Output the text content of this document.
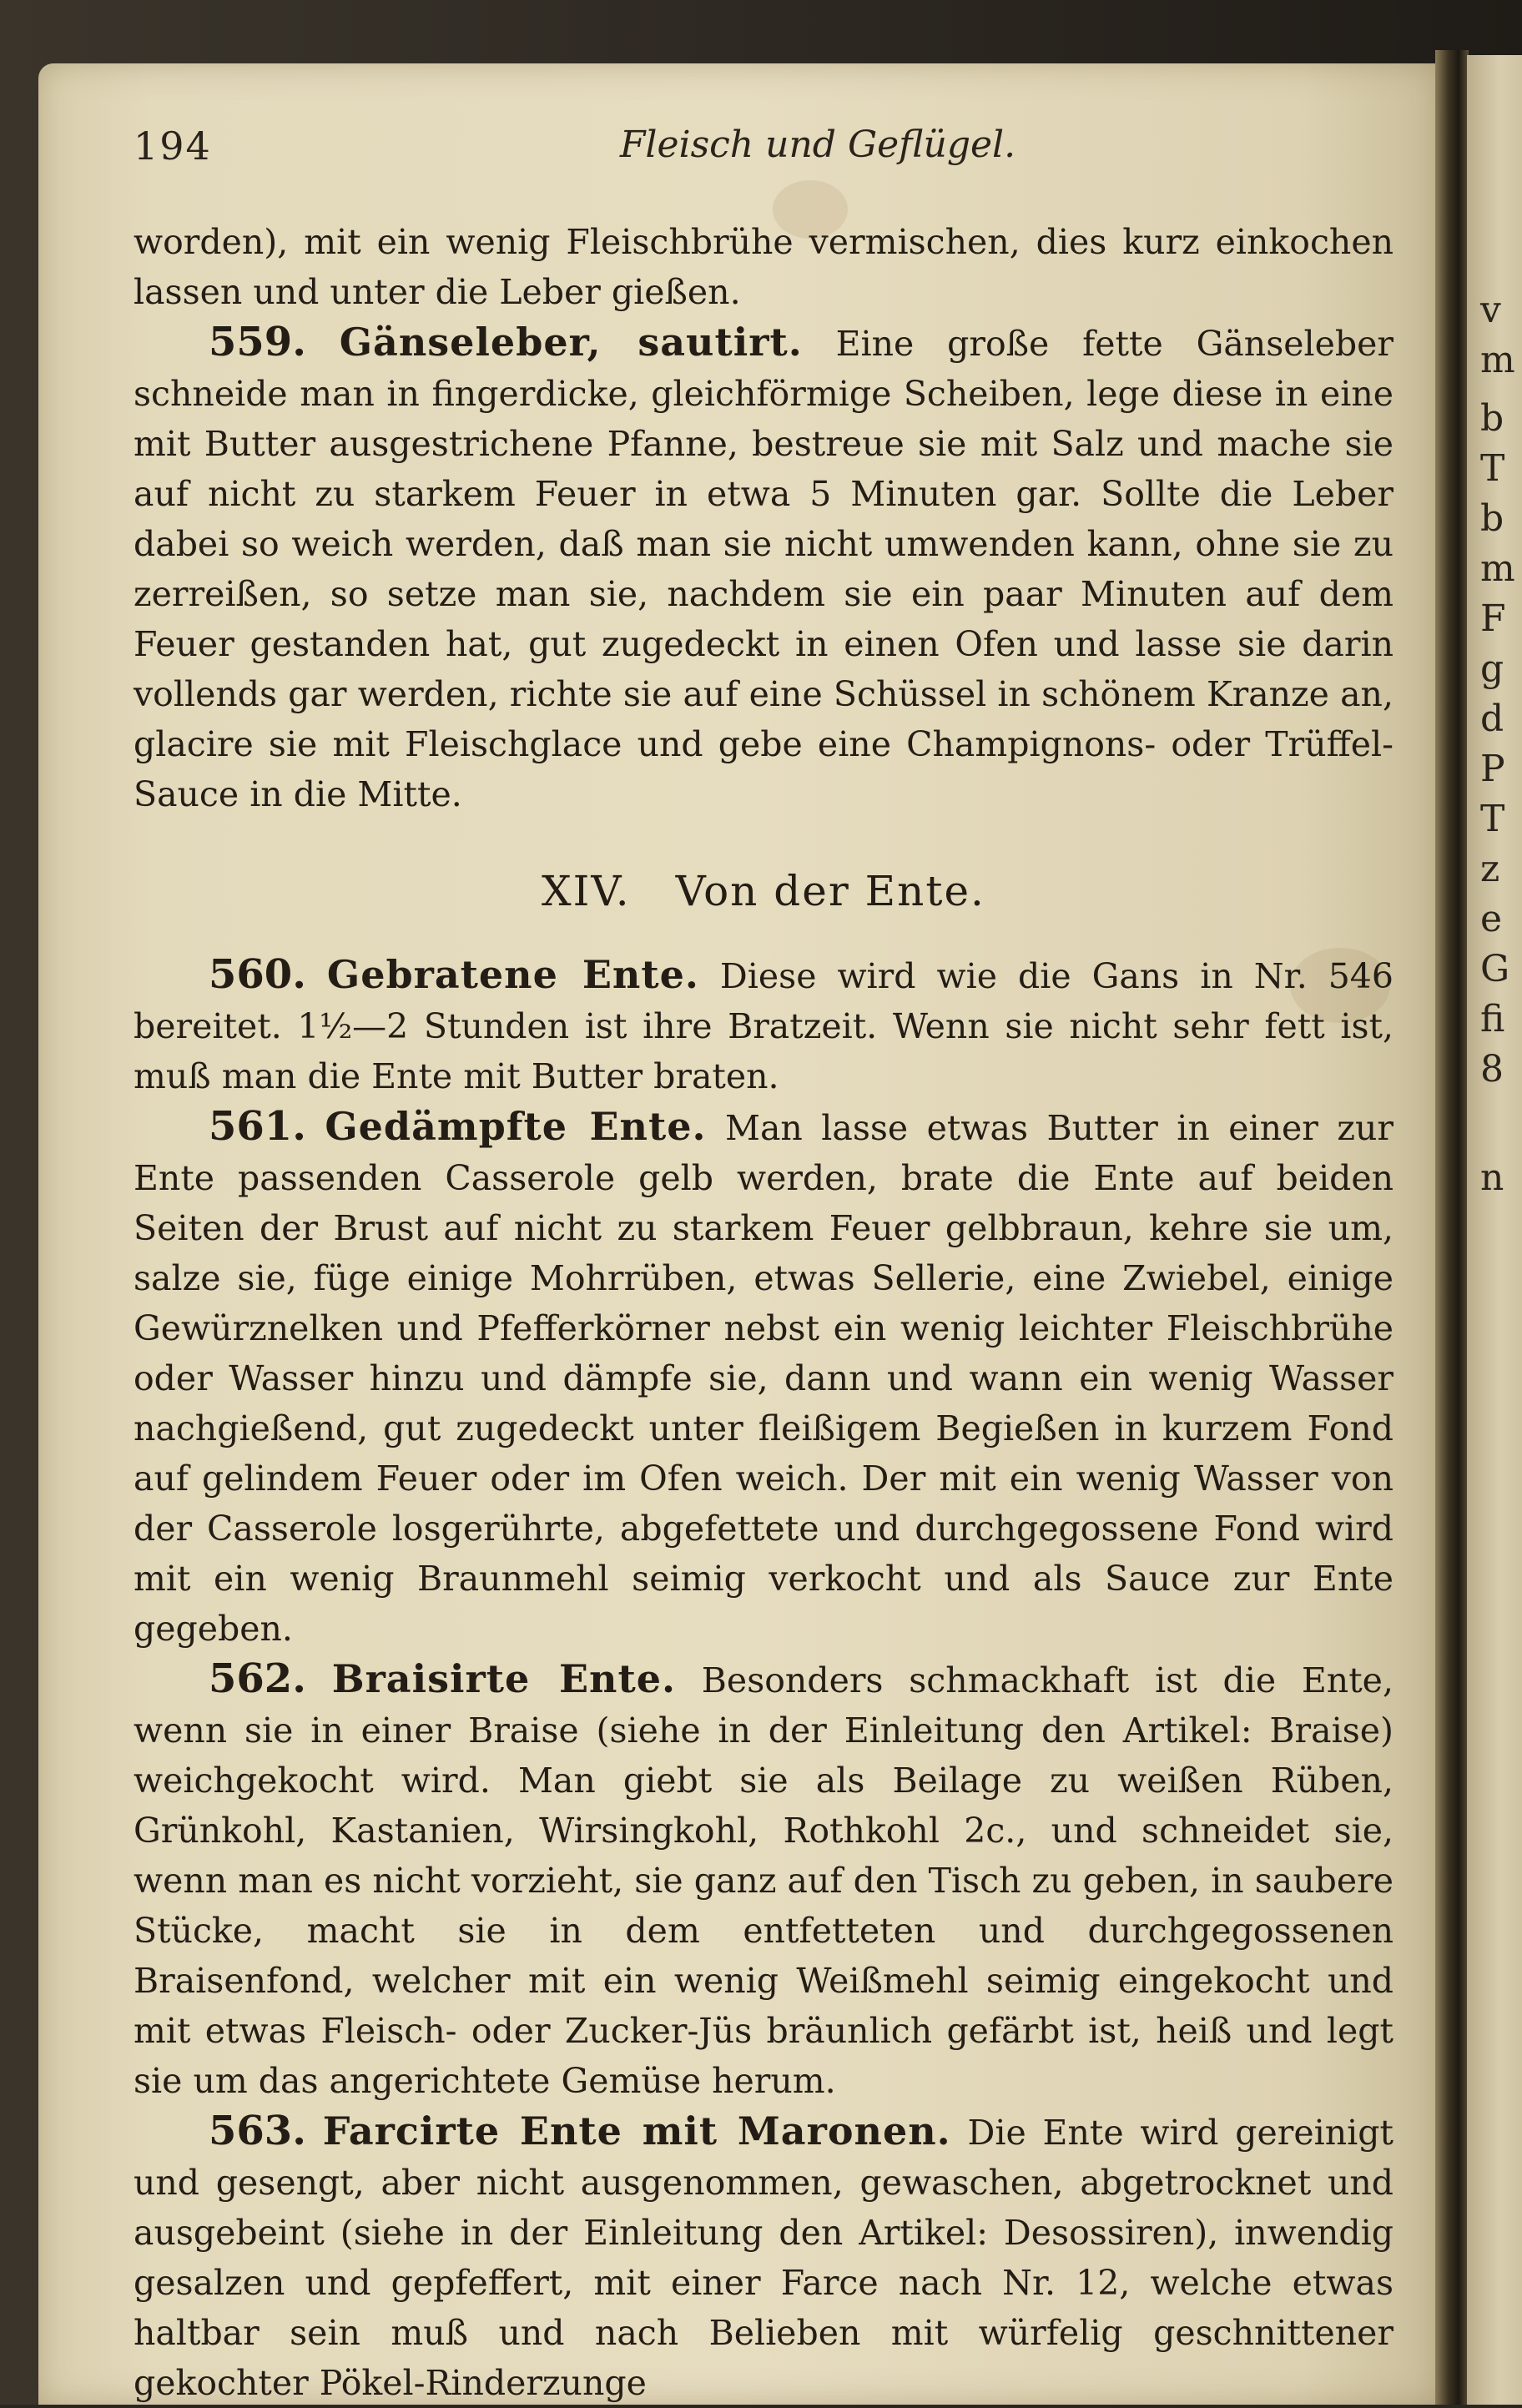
v
m
b
T
b
m
F
g
d
P
T
z
e
G
fi
8
n
194	Fleisch und Geflügel.

worden), mit ein wenig Fleischbrühe vermischen, dies kurz einkochen lassen und unter die Leber gießen.

559. Gänseleber, sautirt. Eine große fette Gänseleber schneide man in fingerdicke, gleichförmige Scheiben, lege diese in eine mit Butter ausgestrichene Pfanne, bestreue sie mit Salz und mache sie auf nicht zu starkem Feuer in etwa 5 Minuten gar. Sollte die Leber dabei so weich werden, daß man sie nicht umwenden kann, ohne sie zu zerreißen, so setze man sie, nachdem sie ein paar Minuten auf dem Feuer gestanden hat, gut zugedeckt in einen Ofen und lasse sie darin vollends gar werden, richte sie auf eine Schüssel in schönem Kranze an, glacire sie mit Fleischglace und gebe eine Champignons- oder Trüffel-Sauce in die Mitte.

XIV. Von der Ente.

560. Gebratene Ente. Diese wird wie die Gans in Nr. 546 bereitet. 1½—2 Stunden ist ihre Bratzeit. Wenn sie nicht sehr fett ist, muß man die Ente mit Butter braten.

561. Gedämpfte Ente. Man lasse etwas Butter in einer zur Ente passenden Casserole gelb werden, brate die Ente auf beiden Seiten der Brust auf nicht zu starkem Feuer gelbbraun, kehre sie um, salze sie, füge einige Mohrrüben, etwas Sellerie, eine Zwiebel, einige Gewürznelken und Pfefferkörner nebst ein wenig leichter Fleischbrühe oder Wasser hinzu und dämpfe sie, dann und wann ein wenig Wasser nachgießend, gut zugedeckt unter fleißigem Begießen in kurzem Fond auf gelindem Feuer oder im Ofen weich. Der mit ein wenig Wasser von der Casserole losgerührte, abgefettete und durchgegossene Fond wird mit ein wenig Braunmehl seimig verkocht und als Sauce zur Ente gegeben.

562. Braisirte Ente. Besonders schmackhaft ist die Ente, wenn sie in einer Braise (siehe in der Einleitung den Artikel: Braise) weichgekocht wird. Man giebt sie als Beilage zu weißen Rüben, Grünkohl, Kastanien, Wirsingkohl, Rothkohl 2c., und schneidet sie, wenn man es nicht vorzieht, sie ganz auf den Tisch zu geben, in saubere Stücke, macht sie in dem entfetteten und durchgegossenen Braisenfond, welcher mit ein wenig Weißmehl seimig eingekocht und mit etwas Fleisch- oder Zucker-Jüs bräunlich gefärbt ist, heiß und legt sie um das angerichtete Gemüse herum.

563. Farcirte Ente mit Maronen. Die Ente wird gereinigt und gesengt, aber nicht ausgenommen, gewaschen, abgetrocknet und ausgebeint (siehe in der Einleitung den Artikel: Desossiren), inwendig gesalzen und gepfeffert, mit einer Farce nach Nr. 12, welche etwas haltbar sein muß und nach Belieben mit würfelig geschnittener gekochter Pökel-Rinderzunge
